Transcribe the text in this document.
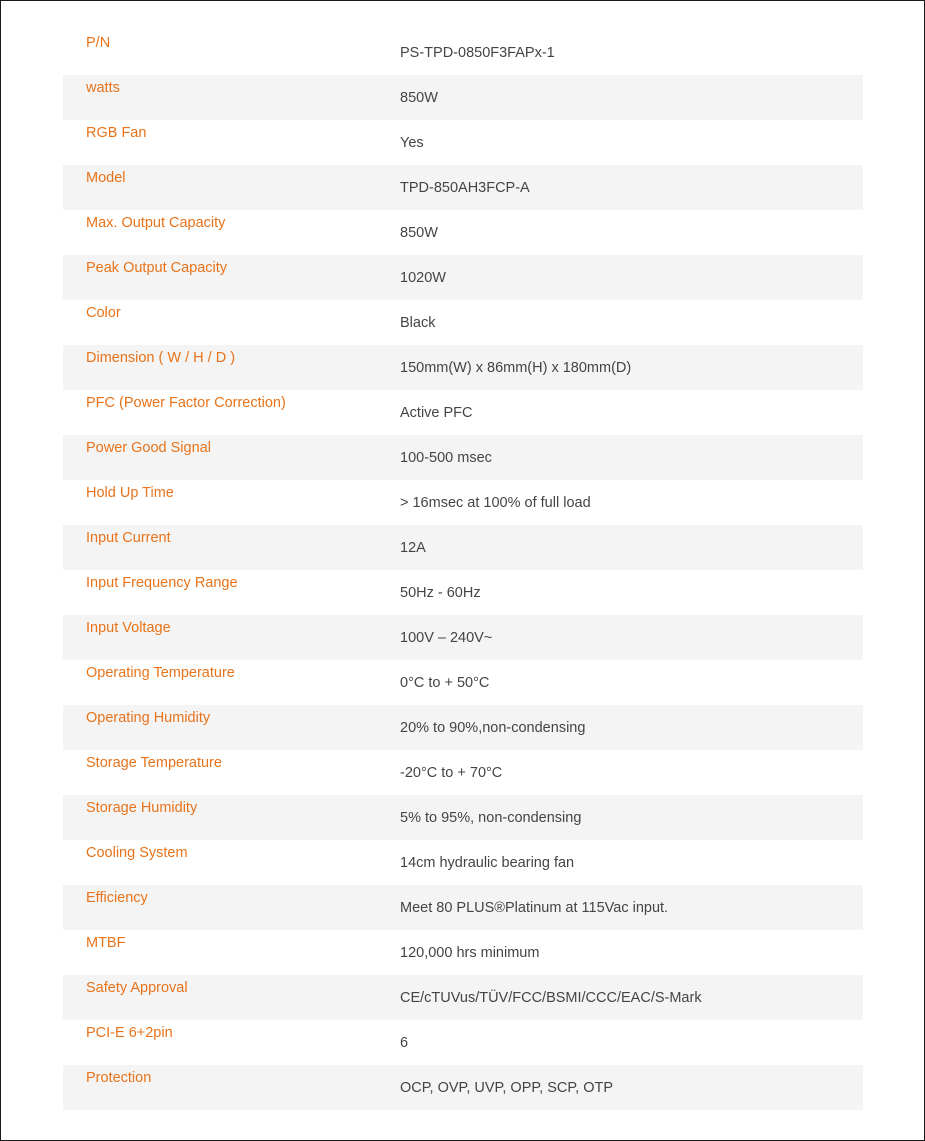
P/N
PS-TPD-0850F3FAPx-1
watts
850W
RGB Fan
Yes
Model
TPD-850AH3FCP-A
Max. Output Capacity
850W
Peak Output Capacity
1020W
Color
Black
Dimension ( W / H / D )
150mm(W) x 86mm(H) x 180mm(D)
PFC (Power Factor Correction)
Active PFC
Power Good Signal
100-500 msec
Hold Up Time
> 16msec at 100% of full load
Input Current
12A
Input Frequency Range
50Hz - 60Hz
Input Voltage
100V – 240V~
Operating Temperature
0°C to + 50°C
Operating Humidity
20% to 90%,non-condensing
Storage Temperature
-20°C to + 70°C
Storage Humidity
5% to 95%, non-condensing
Cooling System
14cm hydraulic bearing fan
Efficiency
Meet 80 PLUS®Platinum at 115Vac input.
MTBF
120,000 hrs minimum
Safety Approval
CE/cTUVus/TÜV/FCC/BSMI/CCC/EAC/S-Mark
PCI-E 6+2pin
6
Protection
OCP, OVP, UVP, OPP, SCP, OTP
